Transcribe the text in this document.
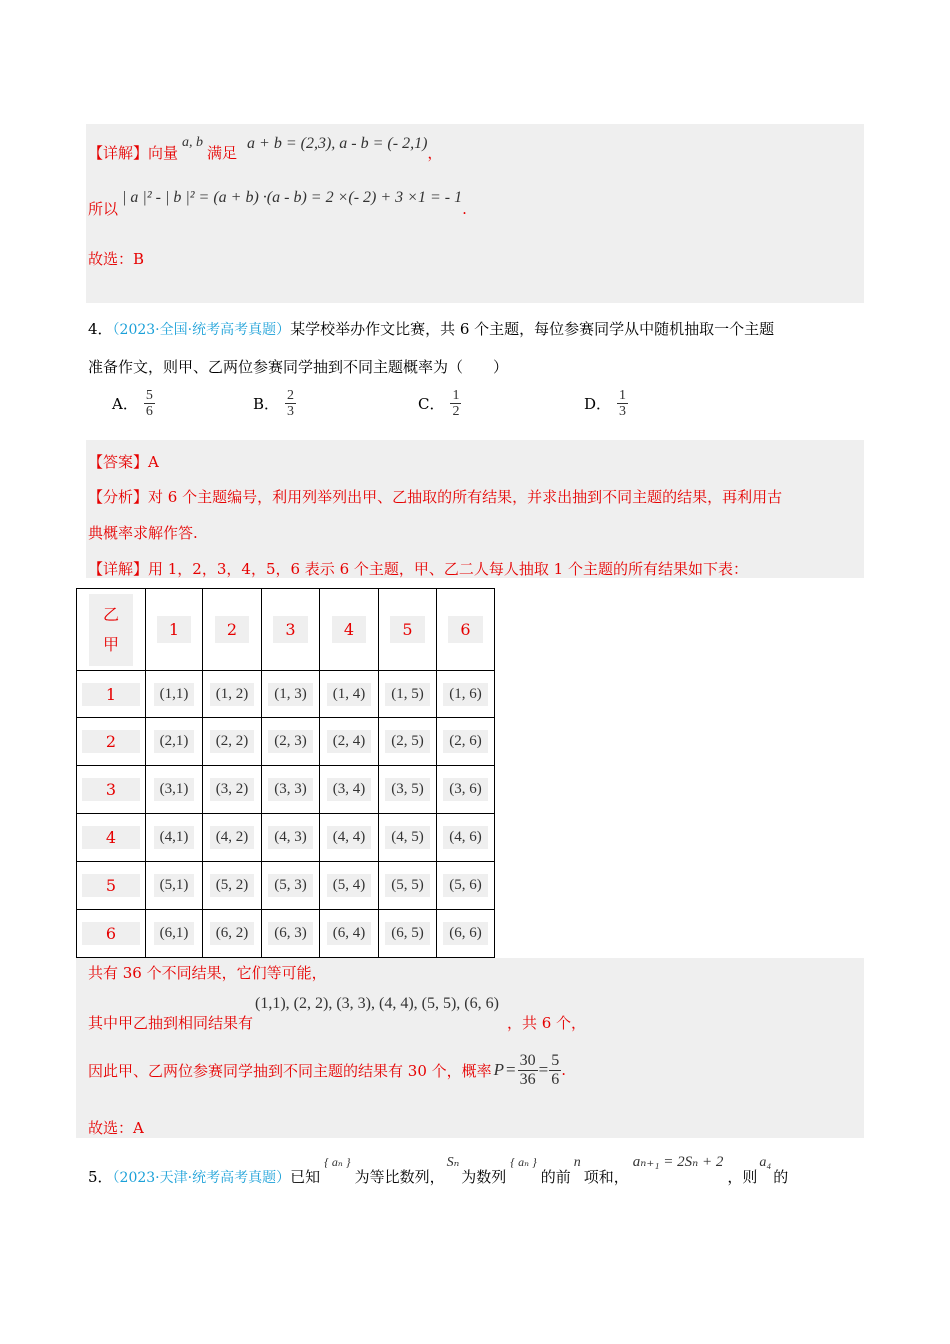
【详解】向量a, b满足a + b = (2,3), a - b = (- 2,1)，
所以| a |² - | b |² = (a + b) ·(a - b) = 2 ×(- 2) + 3 ×1 = - 1.
故选：B
4．（2023·全国·统考高考真题）某学校举办作文比赛，共 6 个主题，每位参赛同学从中随机抽取一个主题
准备作文，则甲、乙两位参赛同学抽到不同主题概率为（　　）
A． $\frac{5}{6}$	B． $\frac{2}{3}$	C． $\frac{1}{2}$	D． $\frac{1}{3}$
【答案】A
【分析】对 6 个主题编号，利用列举列出甲、乙抽取的所有结果，并求出抽到不同主题的结果，再利用古
典概率求解作答.
【详解】用 1，2，3，4，5，6 表示 6 个主题，甲、乙二人每人抽取 1 个主题的所有结果如下表：
乙
甲	1	2	3	4	5	6
1	(1,1)	(1, 2)	(1, 3)	(1, 4)	(1, 5)	(1, 6)
2	(2,1)	(2, 2)	(2, 3)	(2, 4)	(2, 5)	(2, 6)
3	(3,1)	(3, 2)	(3, 3)	(3, 4)	(3, 5)	(3, 6)
4	(4,1)	(4, 2)	(4, 3)	(4, 4)	(4, 5)	(4, 6)
5	(5,1)	(5, 2)	(5, 3)	(5, 4)	(5, 5)	(5, 6)
6	(6,1)	(6, 2)	(6, 3)	(6, 4)	(6, 5)	(6, 6)
共有 36 个不同结果，它们等可能，
其中甲乙抽到相同结果有(1,1), (2, 2), (3, 3), (4, 4), (5, 5), (6, 6)，共 6 个，
因此甲、乙两位参赛同学抽到不同主题的结果有 30 个，概率 $P = \frac{30}{36} = \frac{5}{6}$ .
故选：A
5．（2023·天津·统考高考真题）已知{ aₙ }为等比数列，Sₙ为数列{ aₙ }的前n项和，aₙ₊₁ = 2Sₙ + 2，则a₄的
